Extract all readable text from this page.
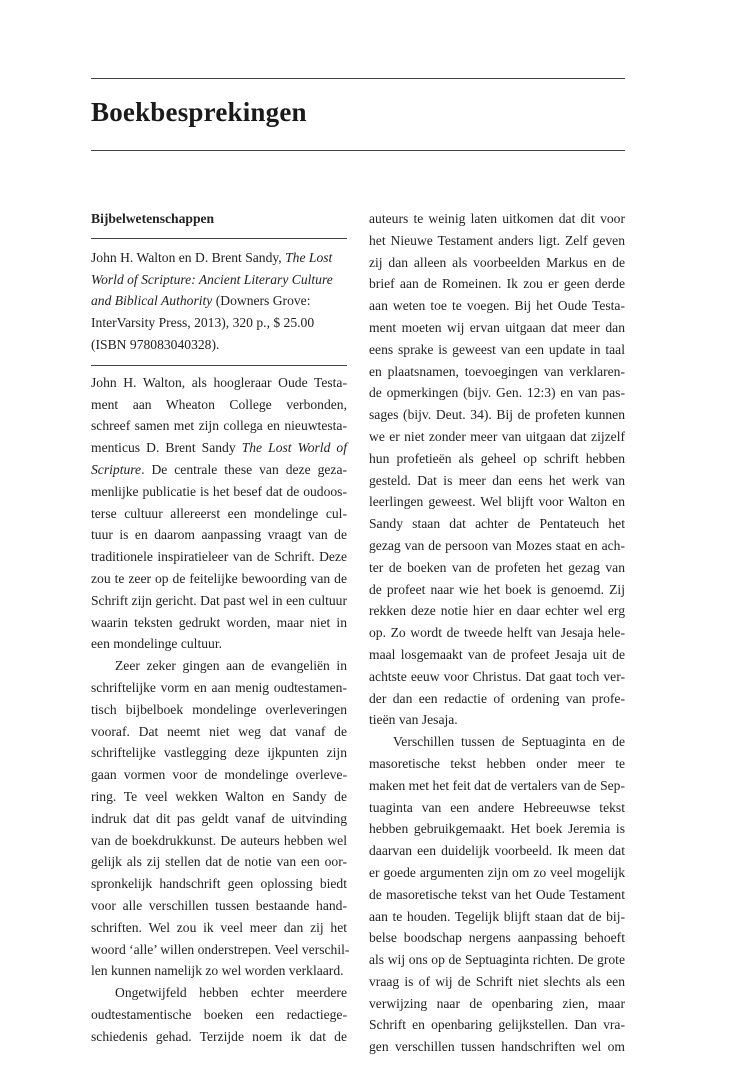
Boekbesprekingen
Bijbelwetenschappen
John H. Walton en D. Brent Sandy, The Lost World of Scripture: Ancient Literary Culture and Biblical Authority (Downers Grove: InterVarsity Press, 2013), 320 p., $ 25.00 (ISBN 978083040328).
John H. Walton, als hoogleraar Oude Testa-
ment aan Wheaton College verbonden,
schreef samen met zijn collega en nieuwtesta-
menticus D. Brent Sandy The Lost World of
Scripture. De centrale these van deze geza-
menlijke publicatie is het besef dat de oudoos-
terse cultuur allereerst een mondelinge cul-
tuur is en daarom aanpassing vraagt van de
traditionele inspiratieleer van de Schrift. Deze
zou te zeer op de feitelijke bewoording van de
Schrift zijn gericht. Dat past wel in een cultuur
waarin teksten gedrukt worden, maar niet in
een mondelinge cultuur.
Zeer zeker gingen aan de evangeliën in
schriftelijke vorm en aan menig oudtestamen-
tisch bijbelboek mondelinge overleveringen
vooraf. Dat neemt niet weg dat vanaf de
schriftelijke vastlegging deze ijkpunten zijn
gaan vormen voor de mondelinge overleve-
ring. Te veel wekken Walton en Sandy de
indruk dat dit pas geldt vanaf de uitvinding
van de boekdrukkunst. De auteurs hebben wel
gelijk als zij stellen dat de notie van een oor-
spronkelijk handschrift geen oplossing biedt
voor alle verschillen tussen bestaande hand-
schriften. Wel zou ik veel meer dan zij het
woord ‘alle’ willen onderstrepen. Veel verschil-
len kunnen namelijk zo wel worden verklaard.
Ongetwijfeld hebben echter meerdere
oudtestamentische boeken een redactiege-
schiedenis gehad. Terzijde noem ik dat de
auteurs te weinig laten uitkomen dat dit voor
het Nieuwe Testament anders ligt. Zelf geven
zij dan alleen als voorbeelden Markus en de
brief aan de Romeinen. Ik zou er geen derde
aan weten toe te voegen. Bij het Oude Testa-
ment moeten wij ervan uitgaan dat meer dan
eens sprake is geweest van een update in taal
en plaatsnamen, toevoegingen van verklaren-
de opmerkingen (bijv. Gen. 12:3) en van pas-
sages (bijv. Deut. 34). Bij de profeten kunnen
we er niet zonder meer van uitgaan dat zijzelf
hun profetieën als geheel op schrift hebben
gesteld. Dat is meer dan eens het werk van
leerlingen geweest. Wel blijft voor Walton en
Sandy staan dat achter de Pentateuch het
gezag van de persoon van Mozes staat en ach-
ter de boeken van de profeten het gezag van
de profeet naar wie het boek is genoemd. Zij
rekken deze notie hier en daar echter wel erg
op. Zo wordt de tweede helft van Jesaja hele-
maal losgemaakt van de profeet Jesaja uit de
achtste eeuw voor Christus. Dat gaat toch ver-
der dan een redactie of ordening van profe-
tieën van Jesaja.
Verschillen tussen de Septuaginta en de
masoretische tekst hebben onder meer te
maken met het feit dat de vertalers van de Sep-
tuaginta van een andere Hebreeuwse tekst
hebben gebruikgemaakt. Het boek Jeremia is
daarvan een duidelijk voorbeeld. Ik meen dat
er goede argumenten zijn om zo veel mogelijk
de masoretische tekst van het Oude Testament
aan te houden. Tegelijk blijft staan dat de bij-
belse boodschap nergens aanpassing behoeft
als wij ons op de Septuaginta richten. De grote
vraag is of wij de Schrift niet slechts als een
verwijzing naar de openbaring zien, maar
Schrift en openbaring gelijkstellen. Dan vra-
gen verschillen tussen handschriften wel om
